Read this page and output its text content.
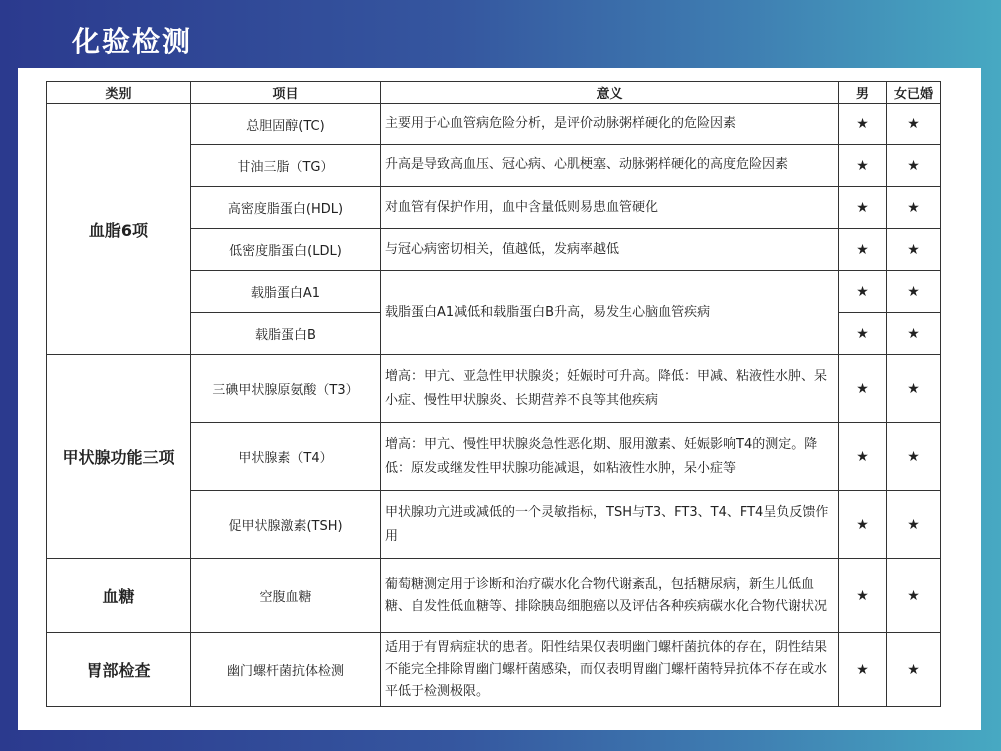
化验检测
类别	项目	意义	男	女已婚
血脂6项	总胆固醇(TC)	主要用于心血管病危险分析，是评价动脉粥样硬化的危险因素	★	★
	甘油三脂（TG）	升高是导致高血压、冠心病、心肌梗塞、动脉粥样硬化的高度危险因素	★	★
	高密度脂蛋白(HDL)	对血管有保护作用，血中含量低则易患血管硬化	★	★
	低密度脂蛋白(LDL)	与冠心病密切相关，值越低，发病率越低	★	★
	载脂蛋白A1	载脂蛋白A1减低和载脂蛋白B升高，易发生心脑血管疾病	★	★
	载脂蛋白B		★	★
甲状腺功能三项	三碘甲状腺原氨酸（T3）	增高：甲亢、亚急性甲状腺炎；妊娠时可升高。降低：甲减、粘液性水肿、呆小症、慢性甲状腺炎、长期营养不良等其他疾病	★	★
	甲状腺素（T4）	增高：甲亢、慢性甲状腺炎急性恶化期、服用激素、妊娠影响T4的测定。降低：原发或继发性甲状腺功能减退，如粘液性水肿，呆小症等	★	★
	促甲状腺激素(TSH)	甲状腺功亢进或减低的一个灵敏指标，TSH与T3、FT3、T4、FT4呈负反馈作用	★	★
血糖	空腹血糖	葡萄糖测定用于诊断和治疗碳水化合物代谢紊乱，包括糖尿病，新生儿低血糖、自发性低血糖等、排除胰岛细胞癌以及评估各种疾病碳水化合物代谢状况	★	★
胃部检查	幽门螺杆菌抗体检测	适用于有胃病症状的患者。阳性结果仅表明幽门螺杆菌抗体的存在，阴性结果不能完全排除胃幽门螺杆菌感染，而仅表明胃幽门螺杆菌特异抗体不存在或水平低于检测极限。	★	★
